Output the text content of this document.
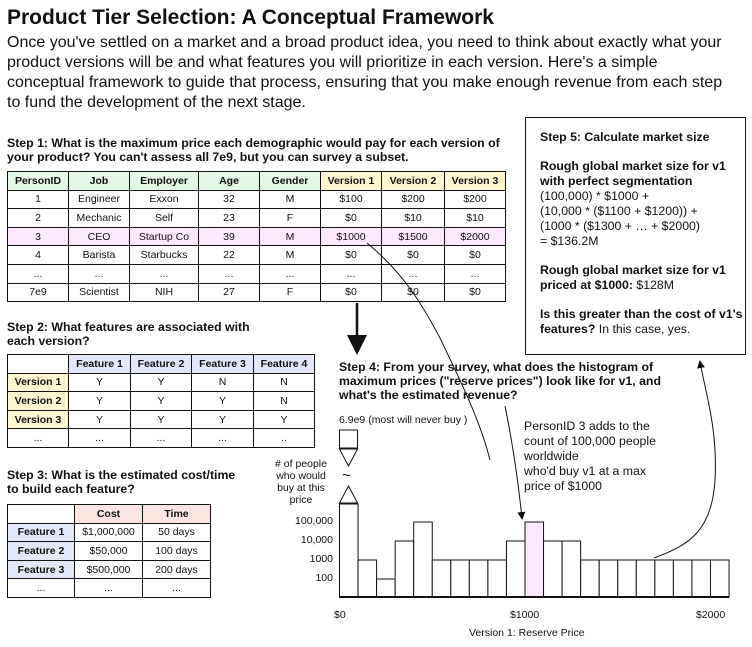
Product Tier Selection: A Conceptual Framework
Once you've settled on a market and a broad product idea, you need to think about exactly what your product versions will be and what features you will prioritize in each version. Here's a simple conceptual framework to guide that process, ensuring that you make enough revenue from each step to fund the development of the next stage.
Step 1: What is the maximum price each demographic would pay for each version of your product? You can't assess all 7e9, but you can survey a subset.
PersonID	Job	Employer	Age	Gender	Version 1	Version 2	Version 3
1	Engineer	Exxon	32	M	$100	$200	$200
2	Mechanic	Self	23	F	$0	$10	$10
3	CEO	Startup Co	39	M	$1000	$1500	$2000
4	Barista	Starbucks	22	M	$0	$0	$0
...	...	...	...	...	...	...	...
7e9	Scientist	NIH	27	F	$0	$0	$0
Step 2: What features are associated with each version?
	Feature 1	Feature 2	Feature 3	Feature 4
Version 1	Y	Y	N	N
Version 2	Y	Y	Y	N
Version 3	Y	Y	Y	Y
...	...	...	...	..
Step 3: What is the estimated cost/time to build each feature?
	Cost	Time
Feature 1	$1,000,000	50 days
Feature 2	$50,000	100 days
Feature 3	$500,000	200 days
...	...	...
Step 5: Calculate market size
Rough global market size for v1 with perfect segmentation
(100,000) * $1000 +
(10,000 * ($1100 + $1200)) +
(1000 * ($1300 + … + $2000)
= $136.2M
Rough global market size for v1 priced at $1000: $128M
Is this greater than the cost of v1's features? In this case, yes.
Step 4: From your survey, what does the histogram of maximum prices ("reserve prices") look like for v1, and what's the estimated revenue?
6.9e9 (most will never buy )	PersonID 3 adds to the
count of 100,000 people
worldwide
who'd buy v1 at a max
price of $1000
# of people who would buy at this price
100,000
10,000
1000
100
$0	$1000	$2000
Version 1: Reserve Price
~
